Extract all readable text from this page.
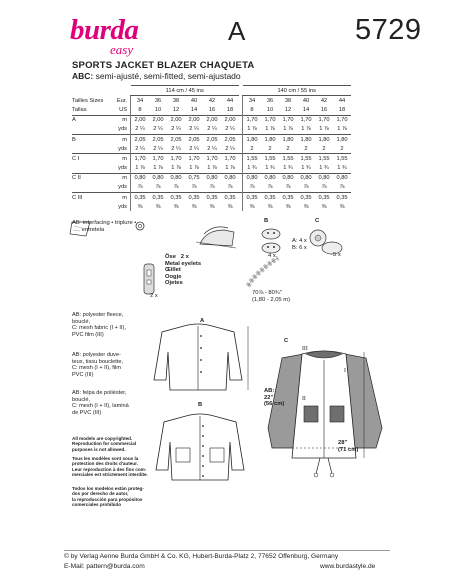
burda
easy
A	5729
SPORTS JACKET BLAZER CHAQUETA
ABC: semi-ajusté, semi-fitted, semi-ajustado
		114 cm / 45 ins							140 cm / 55 ins					
Tailles Sizes	Eur.	34	36	38	40	42	44		34	36	38	40	42	44
Tallas	US	8	10	12	14	16	18		8	10	12	14	16	18
A	m	2,00	2,00	2,00	2,00	2,00	2,00		1,70	1,70	1,70	1,70	1,70	1,70
	yds	2 ¼	2 ¼	2 ¼	2 ¼	2 ¼	2 ¼		1 ⅞	1 ⅞	1 ⅞	1 ⅞	1 ⅞	1 ⅞
B	m	2,05	2,05	2,05	2,05	2,05	2,05		1,80	1,80	1,80	1,80	1,80	1,80
	yds	2 ¼	2 ¼	2 ¼	2 ¼	2 ¼	2 ¼		2	2	2	2	2	2
C I	m	1,70	1,70	1,70	1,70	1,70	1,70		1,55	1,55	1,55	1,55	1,55	1,55
	yds	1 ⅞	1 ⅞	1 ⅞	1 ⅞	1 ⅞	1 ⅞		1 ¾	1 ¾	1 ¾	1 ¾	1 ¾	1 ¾
C II	m	0,80	0,80	0,80	0,75	0,80	0,80		0,80	0,80	0,80	0,80	0,80	0,80
	yds	⅞	⅞	⅞	⅞	⅞	⅞		⅞	⅞	⅞	⅞	⅞	⅞
C III	m	0,35	0,35	0,35	0,35	0,35	0,35		0,35	0,35	0,35	0,35	0,35	0,35
	yds	⅜	⅜	⅜	⅜	⅜	⅜		⅜	⅜	⅜	⅜	⅜	⅜
AB  interfacing • triplure •
entretela
B	C
A: 4 x
B: 6 x
5 x
4 x
Öse   2 x
Metal eyelets
Œillet
Oogje
Ojetes
2 x	70⅞ - 80¾"
(1,80 - 2,05 m)
AB: polyester fleece,
bouclé,
C: mesh fabric (I + II),
PVC film (III)
AB: polyester duve-
teux, tissu bouclette,
C: mesh (I + II), film
PVC (III)
AB: felpa de poliéster,
bouclé,
C: mesh (I + II), laminá
de PVC (III)
All models are copyrighted.
Reproduction for commercial
purposes is not allowed.
Tous les modèles sont sous la
protection des droits d'auteur.
Leur reproduction à des fins com-
merciales est strictement interdite.
Todos los modelos están proteg-
dos por derecho de autor,
la reproducción para propósitos
comerciales prohibido
A
B
C
III
I
II
AB:
22"
(56 cm)
28"
(71 cm)
© by Verlag Aenne Burda GmbH & Co. KG, Hubert-Burda-Platz 2, 77652 Offenburg, Germany
E-Mail: pattern@burda.com	www.burdastyle.de
